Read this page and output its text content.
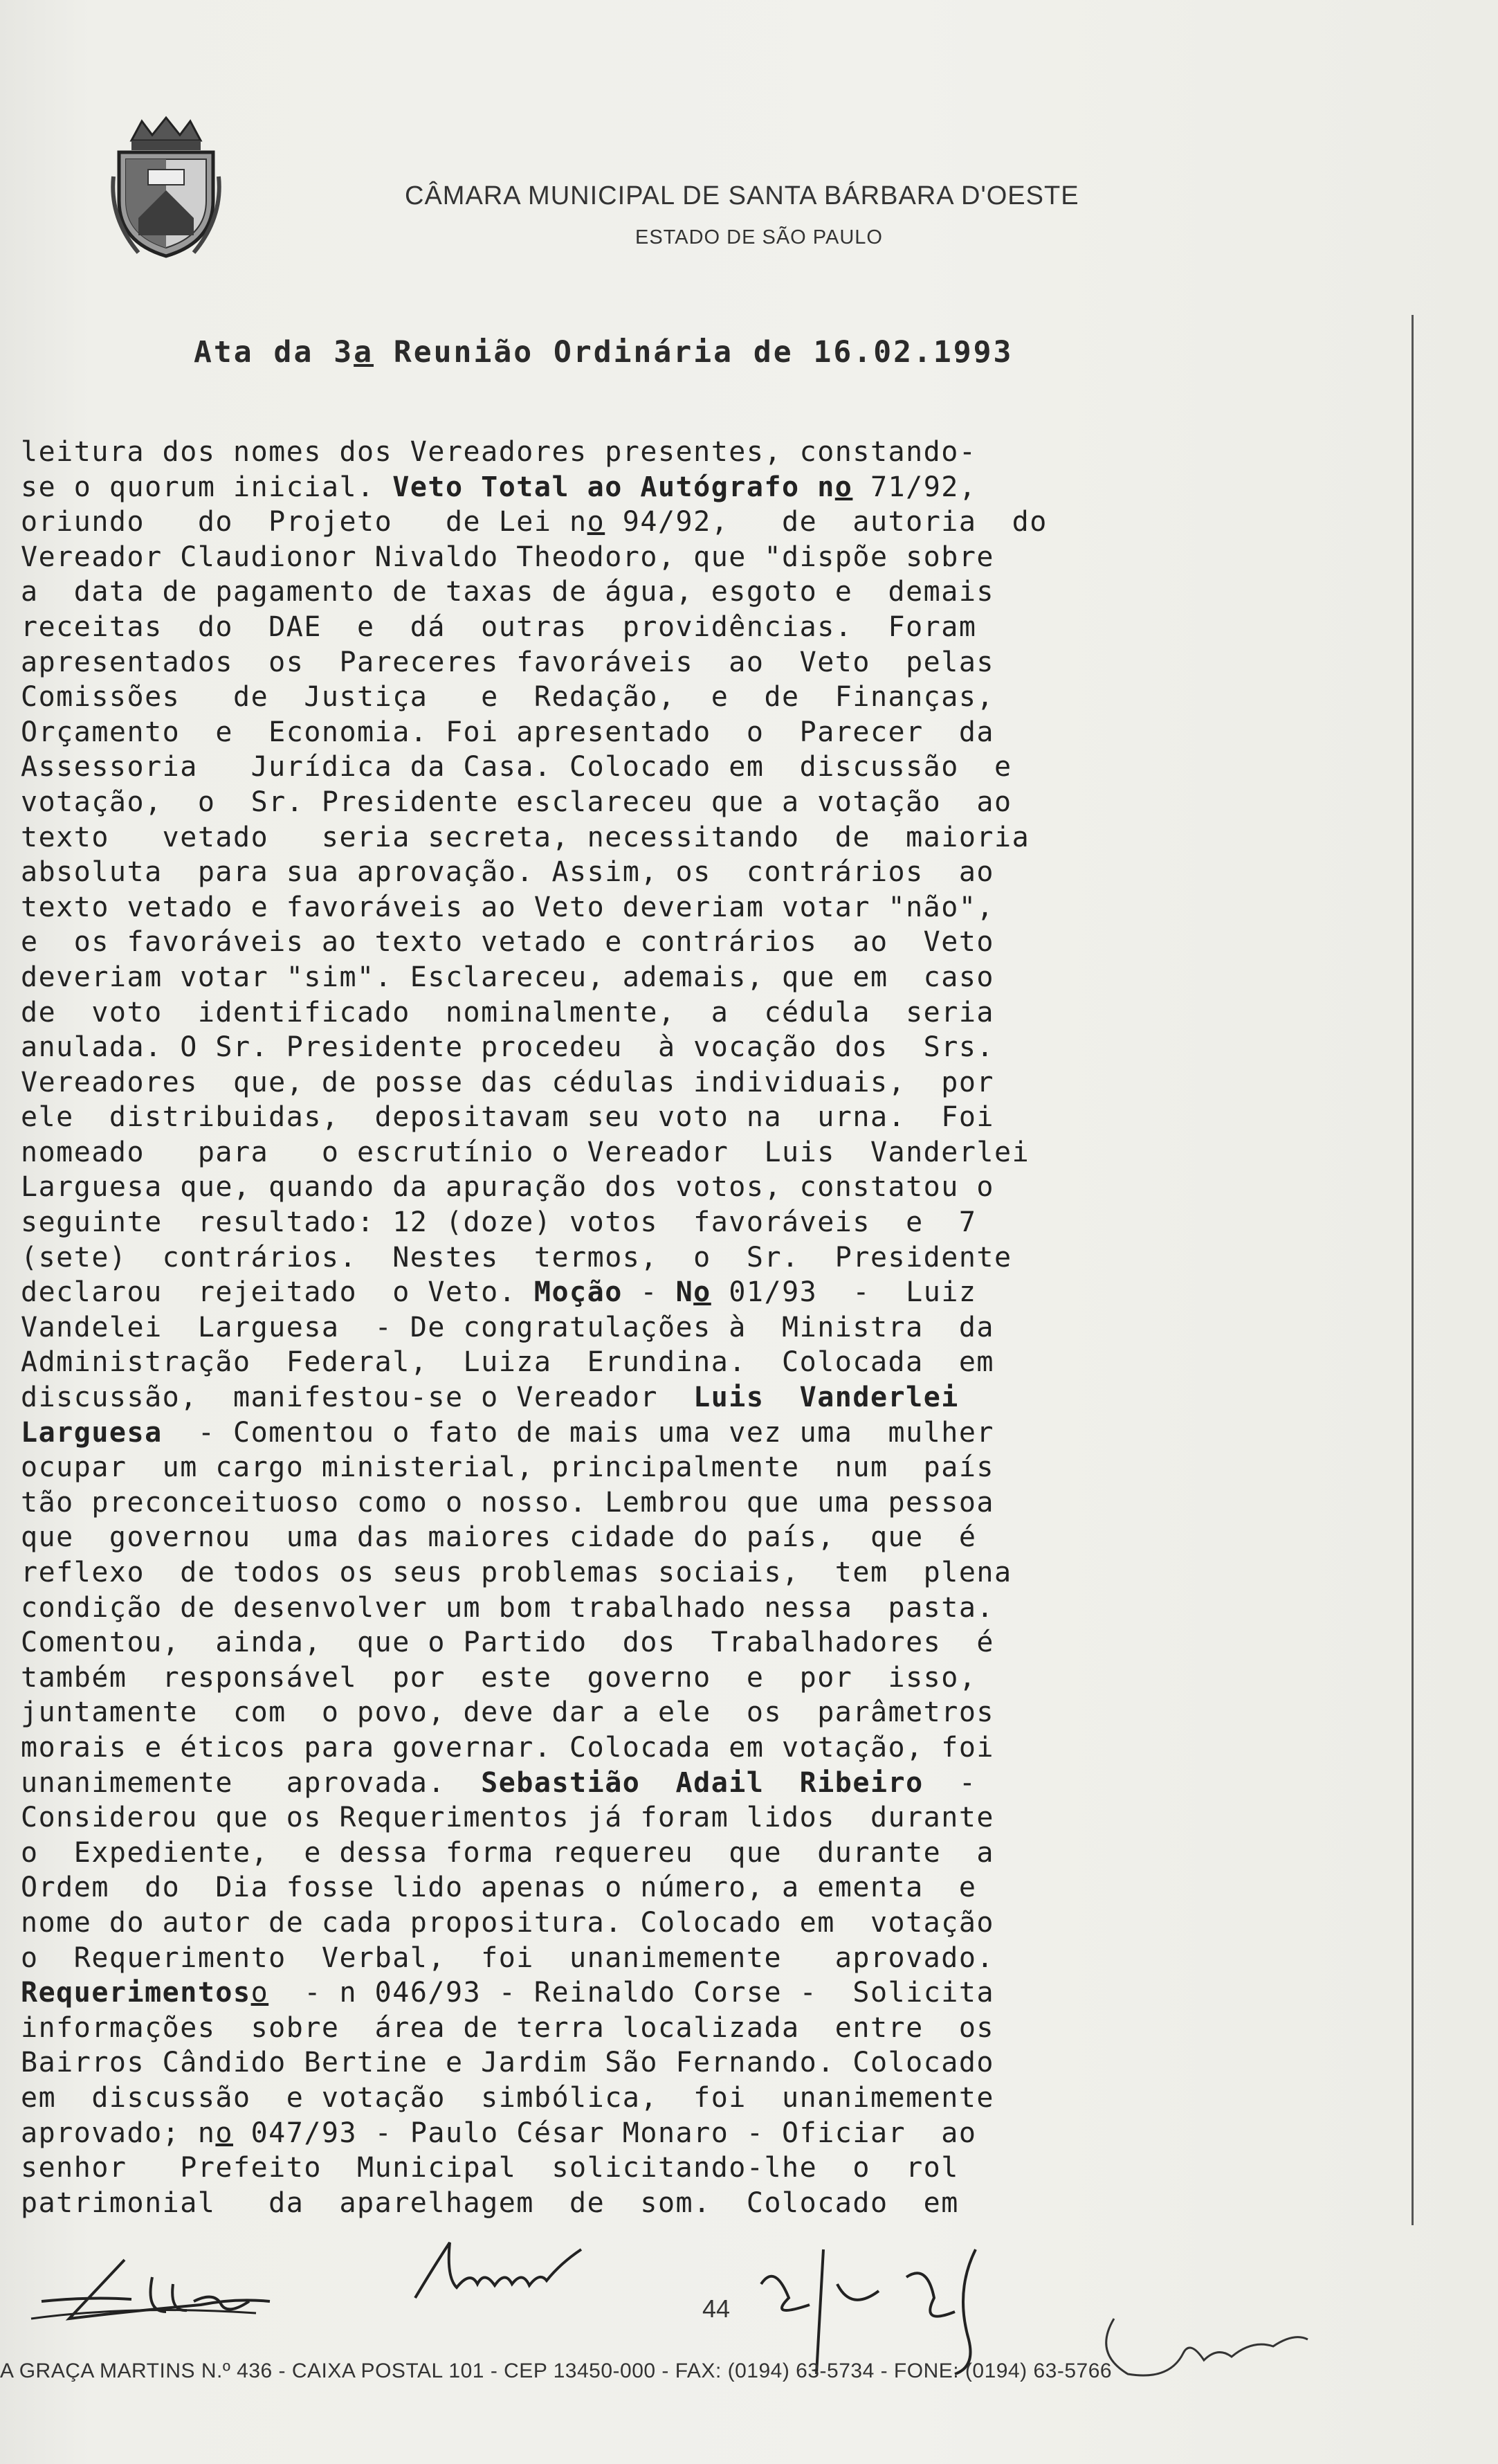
CÂMARA MUNICIPAL DE SANTA BÁRBARA D'OESTE
ESTADO DE SÃO PAULO
Ata da 3a Reunião Ordinária de 16.02.1993
leitura dos nomes dos Vereadores presentes, constando-
se o quorum inicial. Veto Total ao Autógrafo no 71/92,
oriundo   do  Projeto   de Lei no 94/92,   de  autoria  do
Vereador Claudionor Nivaldo Theodoro, que "dispõe sobre
a  data de pagamento de taxas de água, esgoto e  demais
receitas  do  DAE  e  dá  outras  providências.  Foram
apresentados  os  Pareceres favoráveis  ao  Veto  pelas
Comissões   de  Justiça   e  Redação,  e  de  Finanças,
Orçamento  e  Economia. Foi apresentado  o  Parecer  da
Assessoria   Jurídica da Casa. Colocado em  discussão  e
votação,  o  Sr. Presidente esclareceu que a votação  ao
texto   vetado   seria secreta, necessitando  de  maioria
absoluta  para sua aprovação. Assim, os  contrários  ao
texto vetado e favoráveis ao Veto deveriam votar "não",
e  os favoráveis ao texto vetado e contrários  ao  Veto
deveriam votar "sim". Esclareceu, ademais, que em  caso
de  voto  identificado  nominalmente,  a  cédula  seria
anulada. O Sr. Presidente procedeu  à vocação dos  Srs.
Vereadores  que, de posse das cédulas individuais,  por
ele  distribuidas,  depositavam seu voto na  urna.  Foi
nomeado   para   o escrutínio o Vereador  Luis  Vanderlei
Larguesa que, quando da apuração dos votos, constatou o
seguinte  resultado: 12 (doze) votos  favoráveis  e  7
(sete)  contrários.  Nestes  termos,  o  Sr.  Presidente
declarou  rejeitado  o Veto. Moção - No 01/93  -  Luiz
Vandelei  Larguesa  - De congratulações à  Ministra  da
Administração  Federal,  Luiza  Erundina.  Colocada  em
discussão,  manifestou-se o Vereador  Luis  Vanderlei
Larguesa  - Comentou o fato de mais uma vez uma  mulher
ocupar  um cargo ministerial, principalmente  num  país
tão preconceituoso como o nosso. Lembrou que uma pessoa
que  governou  uma das maiores cidade do país,  que  é
reflexo  de todos os seus problemas sociais,  tem  plena
condição de desenvolver um bom trabalhado nessa  pasta.
Comentou,  ainda,  que o Partido  dos  Trabalhadores  é
também  responsável  por  este  governo  e  por  isso,
juntamente  com  o povo, deve dar a ele  os  parâmetros
morais e éticos para governar. Colocada em votação, foi
unanimemente   aprovada.  Sebastião  Adail  Ribeiro  -
Considerou que os Requerimentos já foram lidos  durante
o  Expediente,  e dessa forma requereu  que  durante  a
Ordem  do  Dia fosse lido apenas o número, a ementa  e
nome do autor de cada propositura. Colocado em  votação
o  Requerimento  Verbal,  foi  unanimemente   aprovado.
Requerimentoso  - n 046/93 - Reinaldo Corse -  Solicita
informações  sobre  área de terra localizada  entre  os
Bairros Cândido Bertine e Jardim São Fernando. Colocado
em  discussão  e votação  simbólica,  foi  unanimemente
aprovado; no 047/93 - Paulo César Monaro - Oficiar  ao
senhor   Prefeito  Municipal  solicitando-lhe  o  rol
patrimonial   da  aparelhagem  de  som.  Colocado  em
44
A GRAÇA MARTINS N.º 436 - CAIXA POSTAL 101 - CEP 13450-000 - FAX: (0194) 63-5734 - FONE: (0194) 63-5766
